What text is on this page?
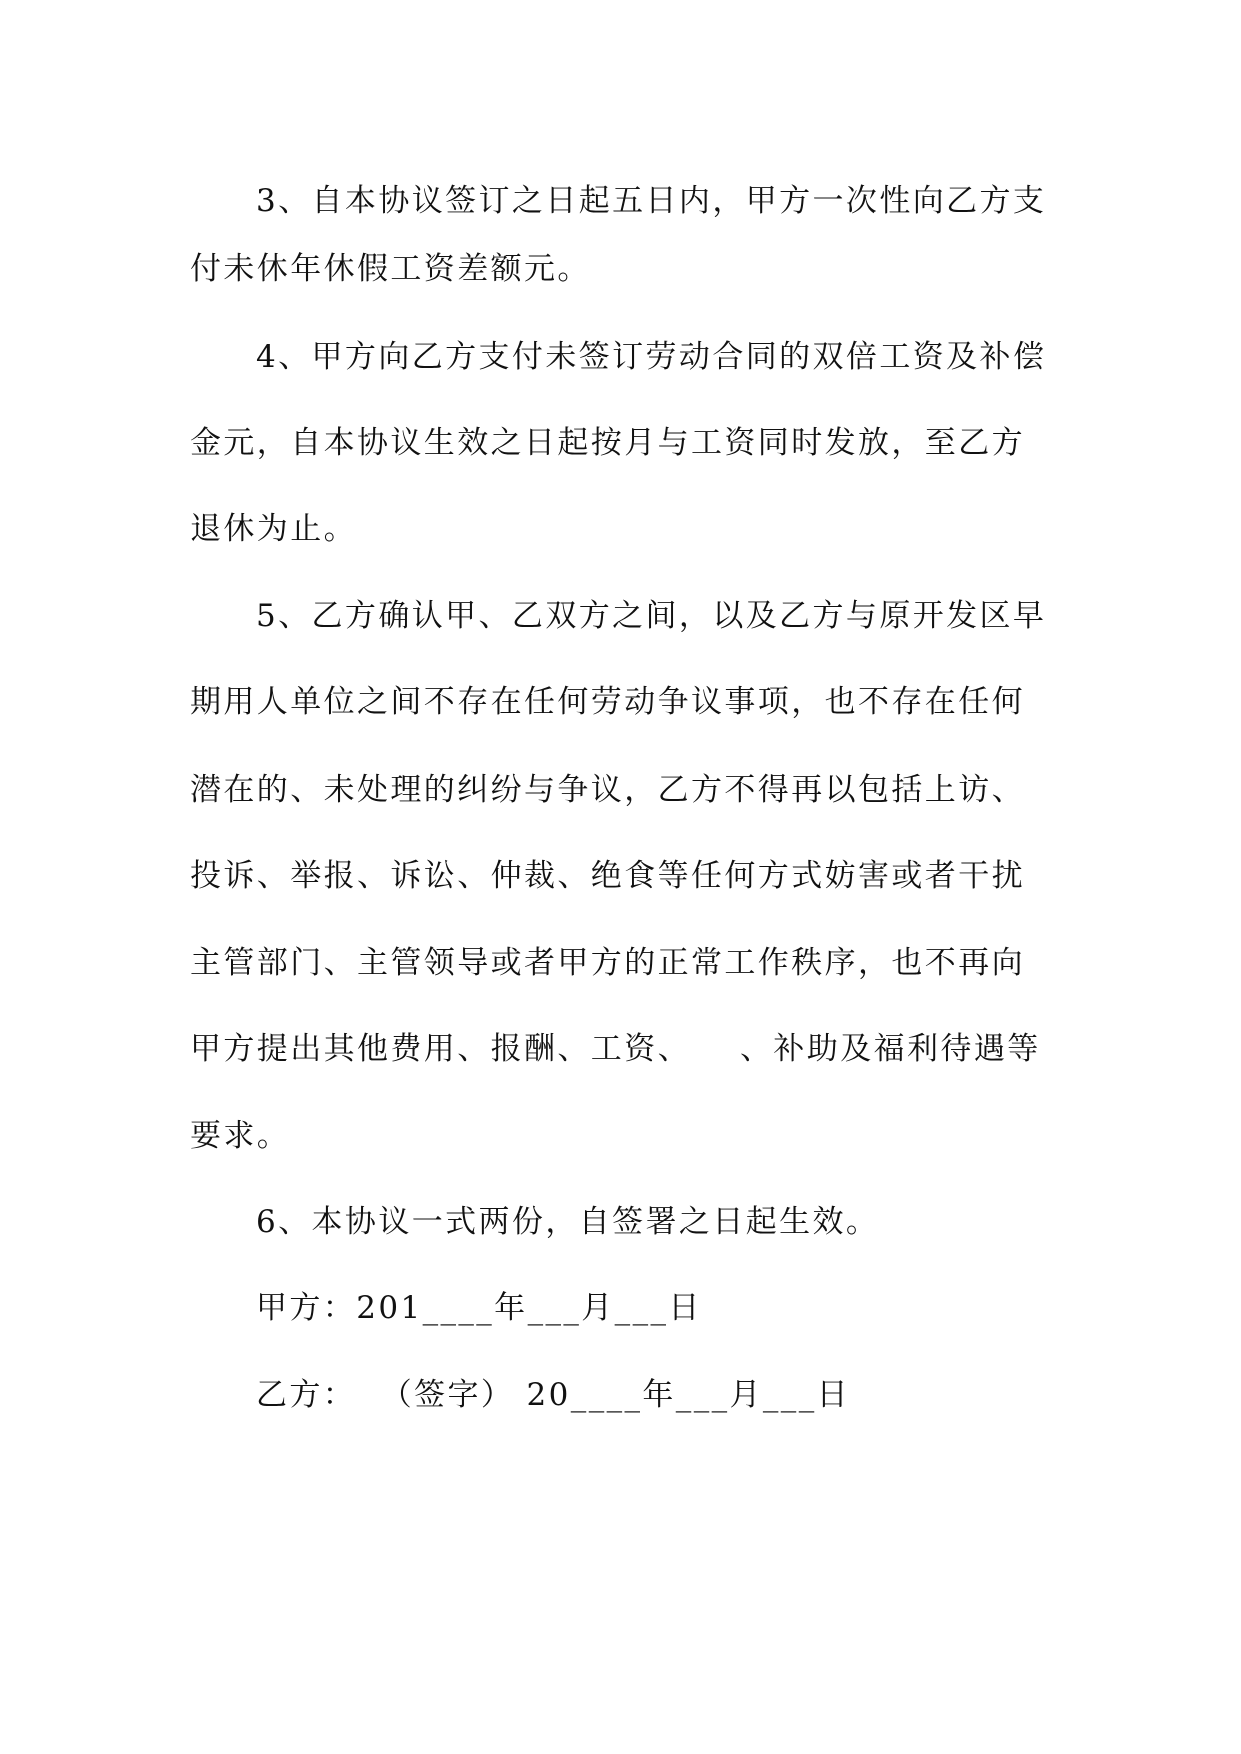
3、自本协议签订之日起五日内，甲方一次性向乙方支
付未休年休假工资差额元。
4、甲方向乙方支付未签订劳动合同的双倍工资及补偿
金元，自本协议生效之日起按月与工资同时发放，至乙方
退休为止。
5、乙方确认甲、乙双方之间，以及乙方与原开发区早
期用人单位之间不存在任何劳动争议事项，也不存在任何
潜在的、未处理的纠纷与争议，乙方不得再以包括上访、
投诉、举报、诉讼、仲裁、绝食等任何方式妨害或者干扰
主管部门、主管领导或者甲方的正常工作秩序，也不再向
甲方提出其他费用、报酬、工资、    、补助及福利待遇等
要求。
6、本协议一式两份，自签署之日起生效。
甲方：201____年___月___日
乙方：  （签字） 20____年___月___日
